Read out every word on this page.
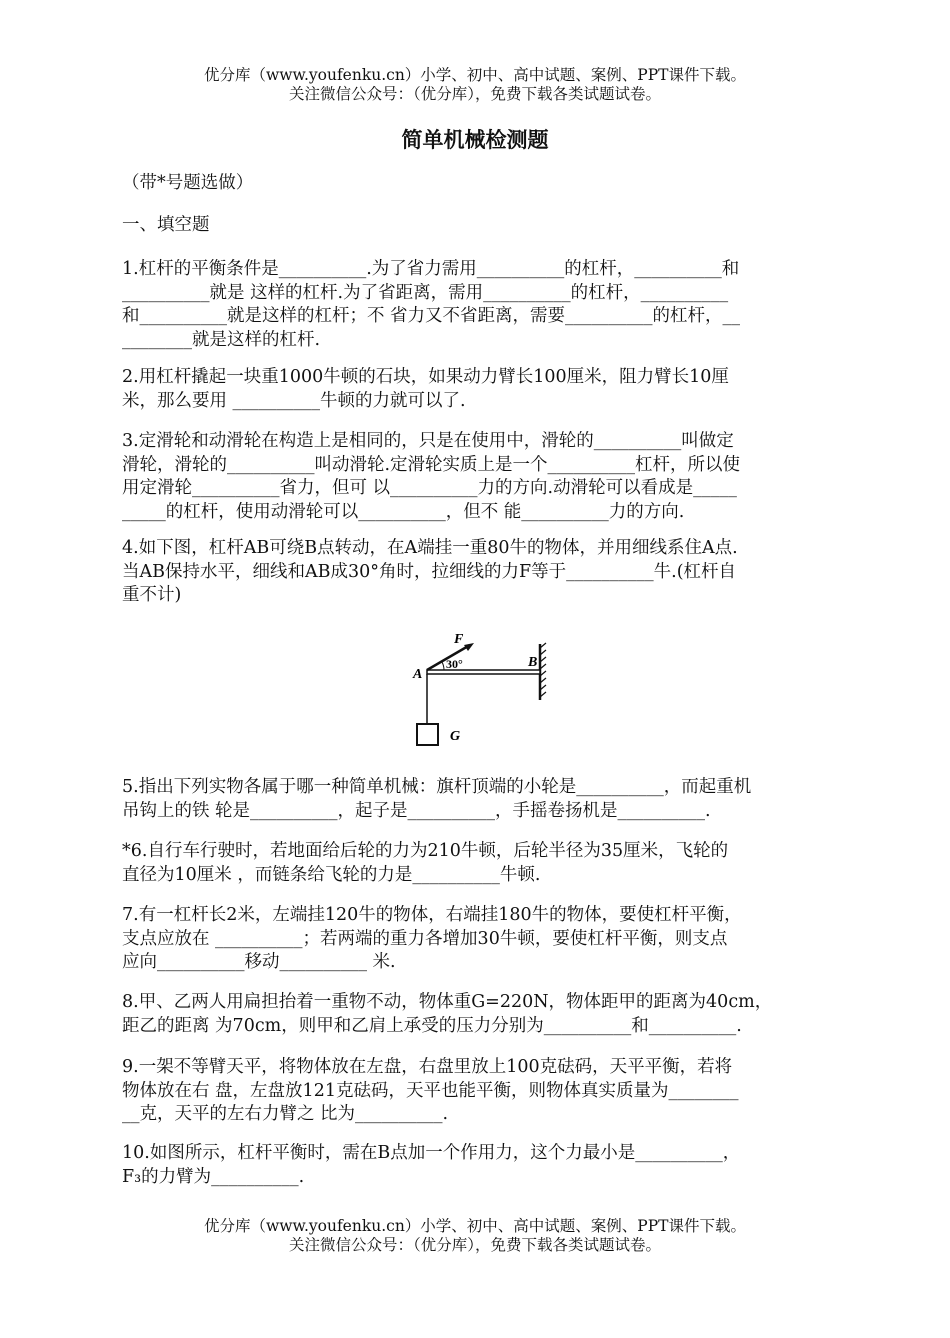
优分库（www.youfenku.cn）小学、初中、高中试题、案例、PPT课件下载。
关注微信公众号：（优分库），免费下载各类试题试卷。
简单机械检测题
（带*号题选做）
一、填空题
1.杠杆的平衡条件是__________.为了省力需用__________的杠杆，__________和
__________就是 这样的杠杆.为了省距离，需用__________的杠杆，__________
和__________就是这样的杠杆；不 省力又不省距离，需要__________的杠杆，__
________就是这样的杠杆.
2.用杠杆撬起一块重1000牛顿的石块，如果动力臂长100厘米，阻力臂长10厘
米，那么要用 __________牛顿的力就可以了.
3.定滑轮和动滑轮在构造上是相同的，只是在使用中，滑轮的__________叫做定
滑轮，滑轮的__________叫动滑轮.定滑轮实质上是一个__________杠杆，所以使
用定滑轮__________省力，但可 以__________力的方向.动滑轮可以看成是_____
_____的杠杆，使用动滑轮可以__________，但不 能__________力的方向.
4.如下图，杠杆AB可绕B点转动，在A端挂一重80牛的物体，并用细线系住A点.
当AB保持水平，细线和AB成30°角时，拉细线的力F等于__________牛.(杠杆自
重不计)
5.指出下列实物各属于哪一种简单机械：旗杆顶端的小轮是__________，而起重机
吊钩上的铁 轮是__________，起子是__________，手摇卷扬机是__________.
*6.自行车行驶时，若地面给后轮的力为210牛顿，后轮半径为35厘米，飞轮的
直径为10厘米 ，而链条给飞轮的力是__________牛顿.
7.有一杠杆长2米，左端挂120牛的物体，右端挂180牛的物体，要使杠杆平衡，
支点应放在 __________；若两端的重力各增加30牛顿，要使杠杆平衡，则支点
应向__________移动__________ 米.
8.甲、乙两人用扁担抬着一重物不动，物体重G=220N，物体距甲的距离为40cm，
距乙的距离 为70cm，则甲和乙肩上承受的压力分别为__________和__________.
9.一架不等臂天平，将物体放在左盘，右盘里放上100克砝码，天平平衡，若将
物体放在右 盘，左盘放121克砝码，天平也能平衡，则物体真实质量为________
__克，天平的左右力臂之 比为__________.
10.如图所示，杠杆平衡时，需在B点加一个作用力，这个力最小是__________，
F₃的力臂为__________.
F
30°
A
B
G
优分库（www.youfenku.cn）小学、初中、高中试题、案例、PPT课件下载。
关注微信公众号：（优分库），免费下载各类试题试卷。
